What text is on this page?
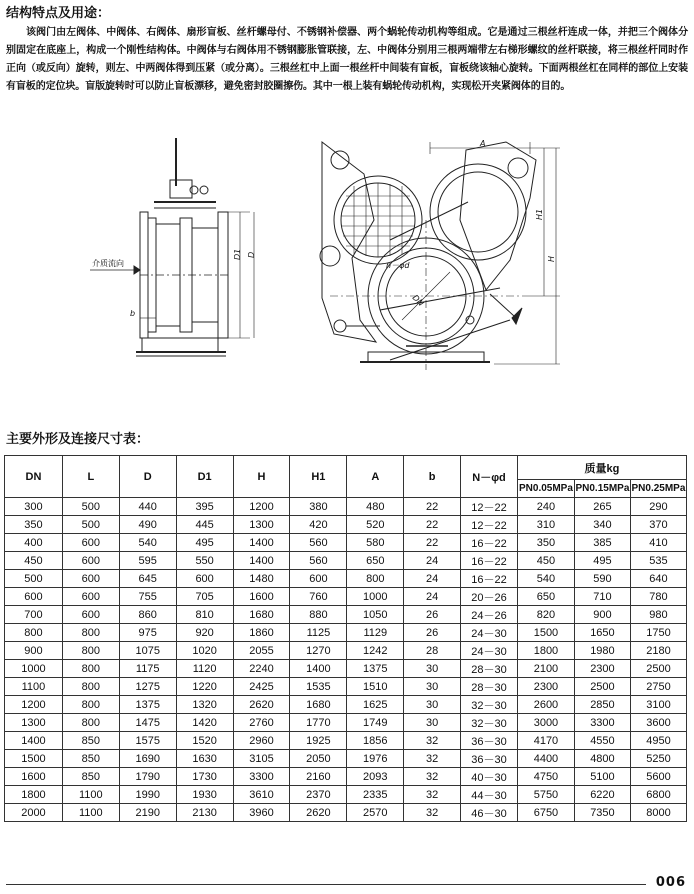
结构特点及用途：

该阀门由左阀体、中阀体、右阀体、扇形盲板、丝杆螺母付、不锈钢补偿器、两个蜗轮传动机构等组成。它是通过三根丝杆连成一体，并把三个阀体分别固定在底座上，构成一个刚性结构体。中阀体与右阀体用不锈钢膨胀管联接，左、中阀体分别用三根两端带左右梯形螺纹的丝杆联接，将三根丝杆同时作正向（或反向）旋转，则左、中两阀体得到压紧（或分离）。三根丝杠中上面一根丝杆中间装有盲板，盲板绕该轴心旋转。下面两根丝杠在同样的部位上安装有盲板的定位块。盲版旋转时可以防止盲板漂移，避免密封胶圈擦伤。其中一根上装有蜗轮传动机构，实现松开夹紧阀体的目的。

介质流向
b
D1 D
A
H1
H
DN
n－φd
主要外形及连接尺寸表：
DN	L	D	D1	H	H1	A	b	N－φd	质量kg		
									PN0.05MPa	PN0.15MPa	PN0.25MPa
300	500	440	395	1200	380	480	22	12－22	240	265	290
350	500	490	445	1300	420	520	22	12－22	310	340	370
400	600	540	495	1400	560	580	22	16－22	350	385	410
450	600	595	550	1400	560	650	24	16－22	450	495	535
500	600	645	600	1480	600	800	24	16－22	540	590	640
600	600	755	705	1600	760	1000	24	20－26	650	710	780
700	600	860	810	1680	880	1050	26	24－26	820	900	980
800	800	975	920	1860	1125	1129	26	24－30	1500	1650	1750
900	800	1075	1020	2055	1270	1242	28	24－30	1800	1980	2180
1000	800	1175	1120	2240	1400	1375	30	28－30	2100	2300	2500
1100	800	1275	1220	2425	1535	1510	30	28－30	2300	2500	2750
1200	800	1375	1320	2620	1680	1625	30	32－30	2600	2850	3100
1300	800	1475	1420	2760	1770	1749	30	32－30	3000	3300	3600
1400	850	1575	1520	2960	1925	1856	32	36－30	4170	4550	4950
1500	850	1690	1630	3105	2050	1976	32	36－30	4400	4800	5250
1600	850	1790	1730	3300	2160	2093	32	40－30	4750	5100	5600
1800	1100	1990	1930	3610	2370	2335	32	44－30	5750	6220	6800
2000	1100	2190	2130	3960	2620	2570	32	46－30	6750	7350	8000
006
